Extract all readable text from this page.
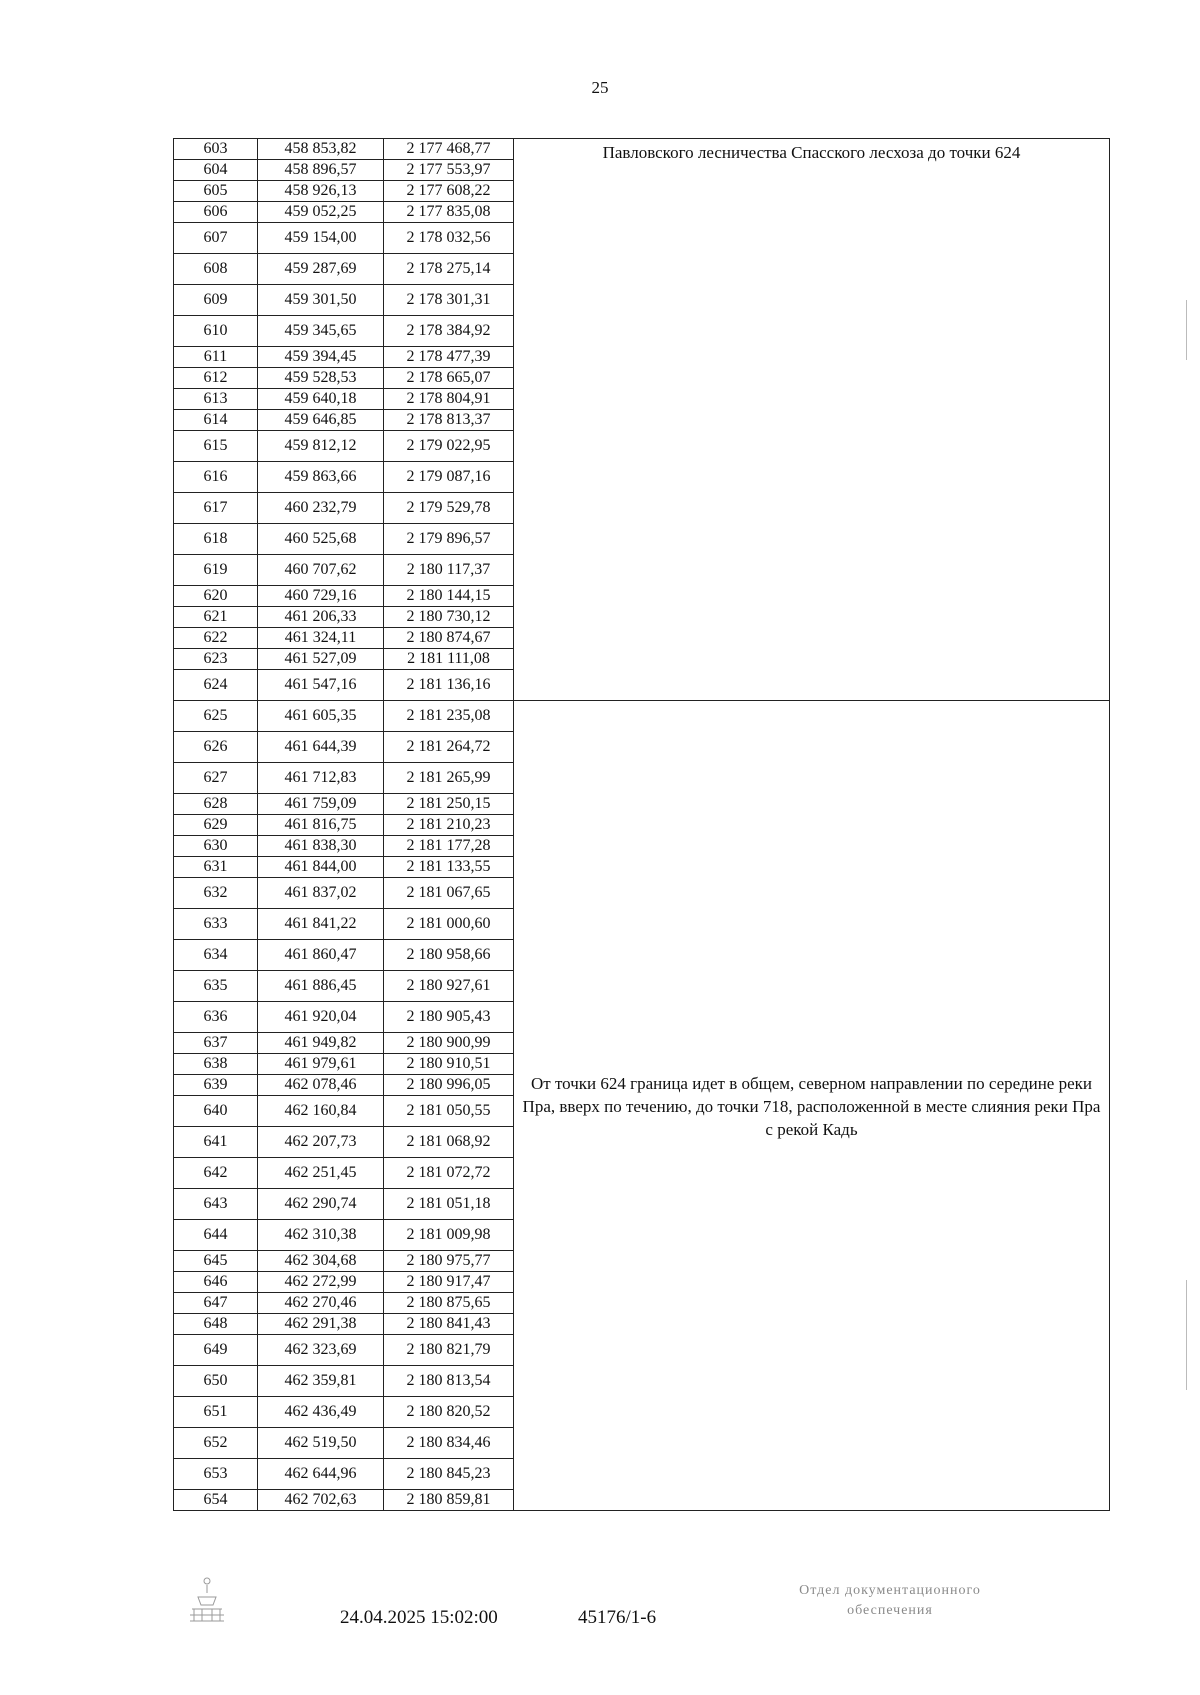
25
603	458 853,82	2 177 468,77	Павловского лесничества Спасского лесхоза до точки 624
604	458 896,57	2 177 553,97	
605	458 926,13	2 177 608,22	
606	459 052,25	2 177 835,08	
607	459 154,00	2 178 032,56	
608	459 287,69	2 178 275,14	
609	459 301,50	2 178 301,31	
610	459 345,65	2 178 384,92	
611	459 394,45	2 178 477,39	
612	459 528,53	2 178 665,07	
613	459 640,18	2 178 804,91	
614	459 646,85	2 178 813,37	
615	459 812,12	2 179 022,95	
616	459 863,66	2 179 087,16	
617	460 232,79	2 179 529,78	
618	460 525,68	2 179 896,57	
619	460 707,62	2 180 117,37	
620	460 729,16	2 180 144,15	
621	461 206,33	2 180 730,12	
622	461 324,11	2 180 874,67	
623	461 527,09	2 181 111,08	
624	461 547,16	2 181 136,16	
625	461 605,35	2 181 235,08	От точки 624 граница идет в общем, северном направлении по середине реки Пра, вверх по течению, до точки 718, расположенной в месте слияния реки Пра с рекой Кадь
626	461 644,39	2 181 264,72	
627	461 712,83	2 181 265,99	
628	461 759,09	2 181 250,15	
629	461 816,75	2 181 210,23	
630	461 838,30	2 181 177,28	
631	461 844,00	2 181 133,55	
632	461 837,02	2 181 067,65	
633	461 841,22	2 181 000,60	
634	461 860,47	2 180 958,66	
635	461 886,45	2 180 927,61	
636	461 920,04	2 180 905,43	
637	461 949,82	2 180 900,99	
638	461 979,61	2 180 910,51	
639	462 078,46	2 180 996,05	
640	462 160,84	2 181 050,55	
641	462 207,73	2 181 068,92	
642	462 251,45	2 181 072,72	
643	462 290,74	2 181 051,18	
644	462 310,38	2 181 009,98	
645	462 304,68	2 180 975,77	
646	462 272,99	2 180 917,47	
647	462 270,46	2 180 875,65	
648	462 291,38	2 180 841,43	
649	462 323,69	2 180 821,79	
650	462 359,81	2 180 813,54	
651	462 436,49	2 180 820,52	
652	462 519,50	2 180 834,46	
653	462 644,96	2 180 845,23	
654	462 702,63	2 180 859,81	
24.04.2025 15:02:00	45176/1-6
Отдел документационного
обеспечения
